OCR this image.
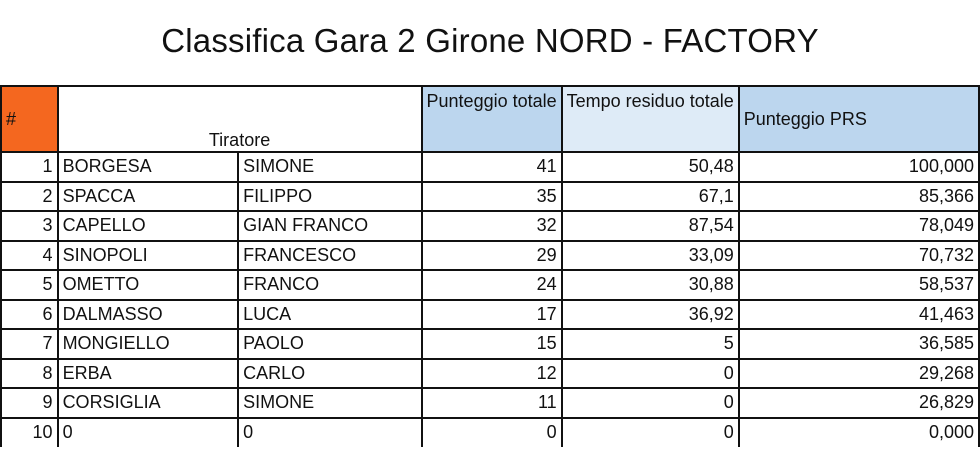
Classifica Gara 2 Girone NORD - FACTORY
#	Tiratore		Punteggio totale	Tempo residuo totale	Punteggio PRS
1	BORGESA	SIMONE	41	50,48	100,000
2	SPACCA	FILIPPO	35	67,1	85,366
3	CAPELLO	GIAN FRANCO	32	87,54	78,049
4	SINOPOLI	FRANCESCO	29	33,09	70,732
5	OMETTO	FRANCO	24	30,88	58,537
6	DALMASSO	LUCA	17	36,92	41,463
7	MONGIELLO	PAOLO	15	5	36,585
8	ERBA	CARLO	12	0	29,268
9	CORSIGLIA	SIMONE	11	0	26,829
10	0	0	0	0	0,000
